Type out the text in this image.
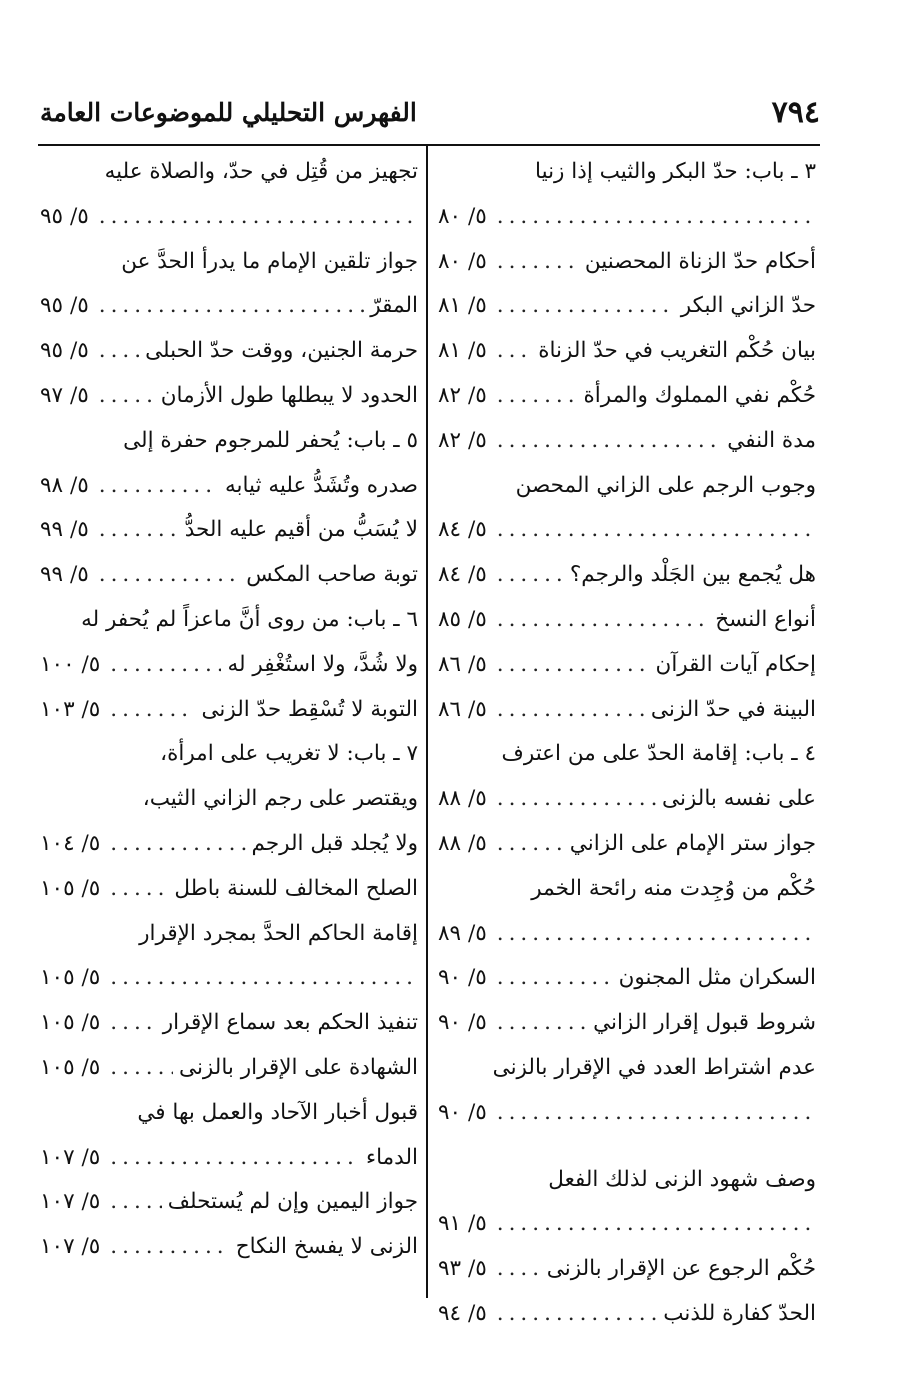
٧٩٤
الفهرس التحليلي للموضوعات العامة
٣ ـ باب: حدّ البكر والثيب إذا زنيا
.....
٥/ ٨٠
أحكام حدّ الزناة المحصنين
.....
٥/ ٨٠
حدّ الزاني البكر
.....
٥/ ٨١
بيان حُكْم التغريب في حدّ الزناة
.....
٥/ ٨١
حُكْم نفي المملوك والمرأة
.....
٥/ ٨٢
مدة النفي
.....
٥/ ٨٢
وجوب الرجم على الزاني المحصن
.....
٥/ ٨٤
هل يُجمع بين الجَلْد والرجم؟
.....
٥/ ٨٤
أنواع النسخ
.....
٥/ ٨٥
إحكام آيات القرآن
.....
٥/ ٨٦
البينة في حدّ الزنى
.....
٥/ ٨٦
٤ ـ باب: إقامة الحدّ على من اعترف
على نفسه بالزنى
.....
٥/ ٨٨
جواز ستر الإمام على الزاني
.....
٥/ ٨٨
حُكْم من وُجِدت منه رائحة الخمر
.....
٥/ ٨٩
السكران مثل المجنون
.....
٥/ ٩٠
شروط قبول إقرار الزاني
.....
٥/ ٩٠
عدم اشتراط العدد في الإقرار بالزنى
.....
٥/ ٩٠
وصف شهود الزنى لذلك الفعل
.....
٥/ ٩١
حُكْم الرجوع عن الإقرار بالزنى
.....
٥/ ٩٣
الحدّ كفارة للذنب
.....
٥/ ٩٤
تجهيز من قُتِل في حدّ، والصلاة عليه
.....
٥/ ٩٥
جواز تلقين الإمام ما يدرأ الحدَّ عن
المقرّ
.....
٥/ ٩٥
حرمة الجنين، ووقت حدّ الحبلى
.....
٥/ ٩٥
الحدود لا يبطلها طول الأزمان
.....
٥/ ٩٧
٥ ـ باب: يُحفر للمرجوم حفرة إلى
صدره وتُشَدُّ عليه ثيابه
.....
٥/ ٩٨
لا يُسَبُّ من أقيم عليه الحدُّ
.....
٥/ ٩٩
توبة صاحب المكس
.....
٥/ ٩٩
٦ ـ باب: من روى أنَّ ماعزاً لم يُحفر له
ولا شُدَّ، ولا استُغْفِر له
.....
٥/ ١٠٠
التوبة لا تُسْقِط حدّ الزنى
.....
٥/ ١٠٣
٧ ـ باب: لا تغريب على امرأة،
ويقتصر على رجم الزاني الثيب،
ولا يُجلد قبل الرجم
.....
٥/ ١٠٤
الصلح المخالف للسنة باطل
.....
٥/ ١٠٥
إقامة الحاكم الحدَّ بمجرد الإقرار
.....
٥/ ١٠٥
تنفيذ الحكم بعد سماع الإقرار
.....
٥/ ١٠٥
الشهادة على الإقرار بالزنى
.....
٥/ ١٠٥
قبول أخبار الآحاد والعمل بها في
الدماء
.....
٥/ ١٠٧
جواز اليمين وإن لم يُستحلف
.....
٥/ ١٠٧
الزنى لا يفسخ النكاح
.....
٥/ ١٠٧
